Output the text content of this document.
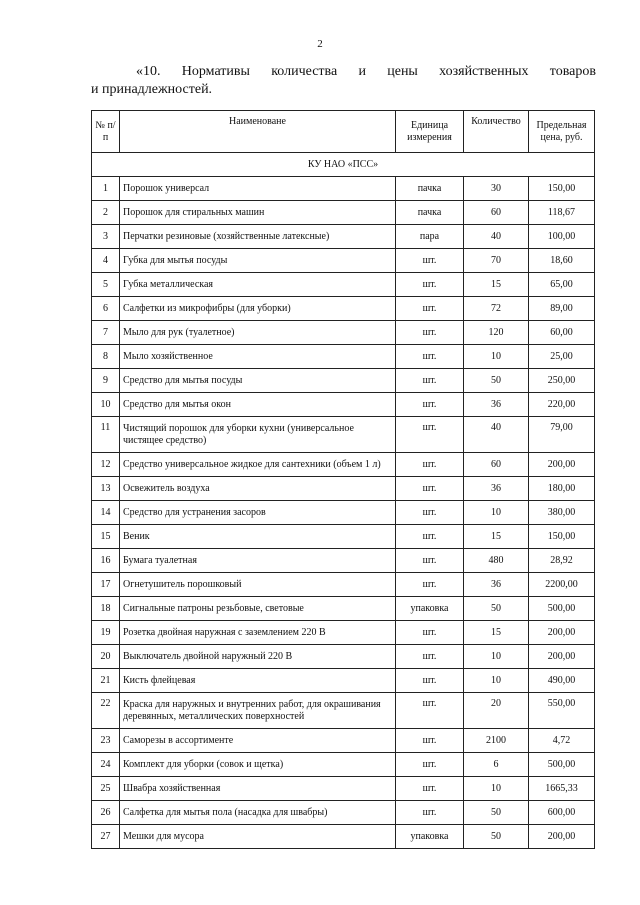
2
«10. Нормативы количества и цены хозяйственных товаров
и принадлежностей.
№ п/п	Наименоване	Единица измерения	Количество	Предельная цена, руб.
КУ НАО «ПСС»				
1	Порошок универсал	пачка	30	150,00
2	Порошок для стиральных машин	пачка	60	118,67
3	Перчатки резиновые (хозяйственные латексные)	пара	40	100,00
4	Губка для мытья посуды	шт.	70	18,60
5	Губка металлическая	шт.	15	65,00
6	Салфетки из микрофибры (для уборки)	шт.	72	89,00
7	Мыло для рук (туалетное)	шт.	120	60,00
8	Мыло хозяйственное	шт.	10	25,00
9	Средство для мытья посуды	шт.	50	250,00
10	Средство для мытья окон	шт.	36	220,00
11	Чистящий порошок для уборки кухни (универсальное чистящее средство)	шт.	40	79,00
12	Средство универсальное жидкое для сантехники (объем 1 л)	шт.	60	200,00
13	Освежитель воздуха	шт.	36	180,00
14	Средство для устранения засоров	шт.	10	380,00
15	Веник	шт.	15	150,00
16	Бумага туалетная	шт.	480	28,92
17	Огнетушитель порошковый	шт.	36	2200,00
18	Сигнальные патроны резьбовые, световые	упаковка	50	500,00
19	Розетка двойная наружная с заземлением 220 В	шт.	15	200,00
20	Выключатель двойной наружный 220 В	шт.	10	200,00
21	Кисть флейцевая	шт.	10	490,00
22	Краска для наружных и внутренних работ, для окрашивания деревянных, металлических поверхностей	шт.	20	550,00
23	Саморезы в ассортименте	шт.	2100	4,72
24	Комплект для уборки (совок и щетка)	шт.	6	500,00
25	Швабра хозяйственная	шт.	10	1665,33
26	Салфетка для мытья пола (насадка для швабры)	шт.	50	600,00
27	Мешки для мусора	упаковка	50	200,00
